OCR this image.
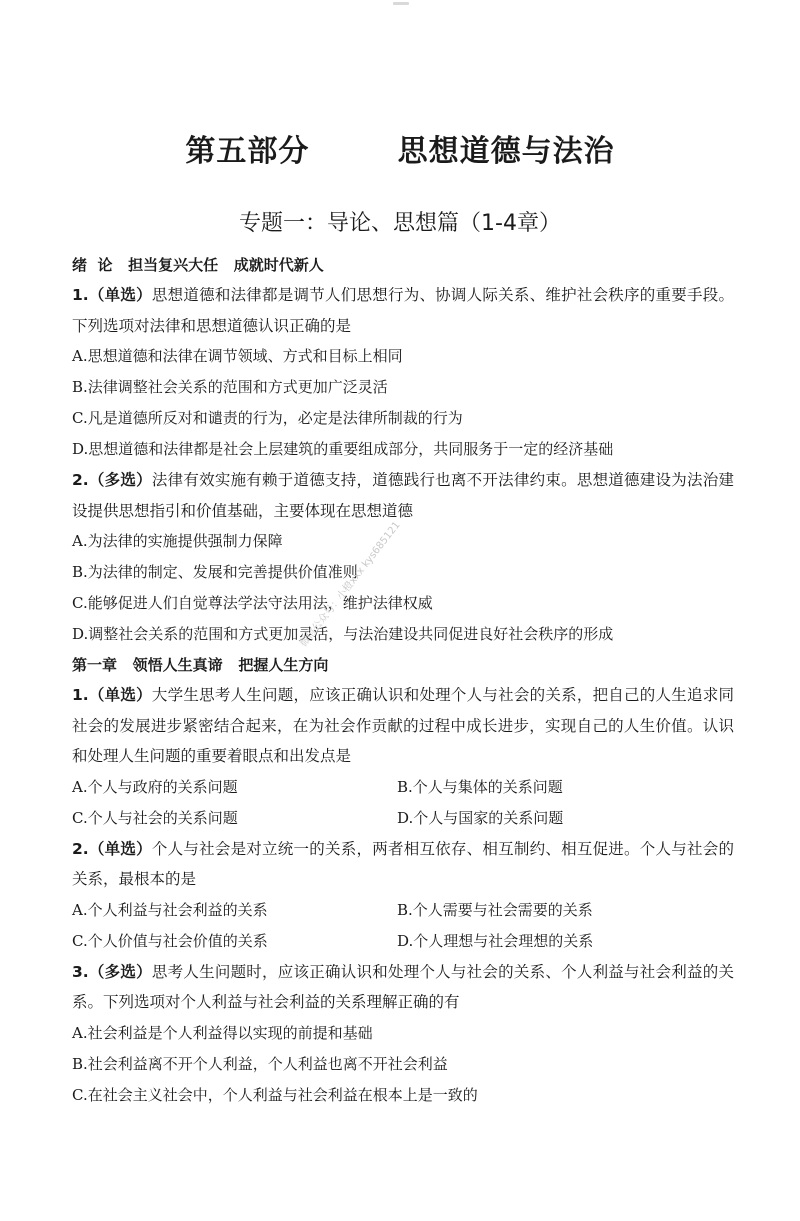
第五部分   思想道德与法治
专题一：导论、思想篇（1-4章）
绪  论   担当复兴大任   成就时代新人
1.（单选）思想道德和法律都是调节人们思想行为、协调人际关系、维护社会秩序的重要手段。下列选项对法律和思想道德认识正确的是
A.思想道德和法律在调节领域、方式和目标上相同
B.法律调整社会关系的范围和方式更加广泛灵活
C.凡是道德所反对和谴责的行为，必定是法律所制裁的行为
D.思想道德和法律都是社会上层建筑的重要组成部分，共同服务于一定的经济基础
2.（多选）法律有效实施有赖于道德支持，道德践行也离不开法律约束。思想道德建设为法治建设提供思想指引和价值基础，主要体现在思想道德
A.为法律的实施提供强制力保障
B.为法律的制定、发展和完善提供价值准则
C.能够促进人们自觉尊法学法守法用法，维护法律权威
D.调整社会关系的范围和方式更加灵活，与法治建设共同促进良好社会秩序的形成
第一章   领悟人生真谛   把握人生方向
1.（单选）大学生思考人生问题，应该正确认识和处理个人与社会的关系，把自己的人生追求同社会的发展进步紧密结合起来，在为社会作贡献的过程中成长进步，实现自己的人生价值。认识和处理人生问题的重要着眼点和出发点是
A.个人与政府的关系问题	B.个人与集体的关系问题
C.个人与社会的关系问题	D.个人与国家的关系问题
2.（单选）个人与社会是对立统一的关系，两者相互依存、相互制约、相互促进。个人与社会的关系，最根本的是
A.个人利益与社会利益的关系	B.个人需要与社会需要的关系
C.个人价值与社会价值的关系	D.个人理想与社会理想的关系
3.（多选）思考人生问题时，应该正确认识和处理个人与社会的关系、个人利益与社会利益的关系。下列选项对个人利益与社会利益的关系理解正确的有
A.社会利益是个人利益得以实现的前提和基础
B.社会利益离不开个人利益，个人利益也离不开社会利益
C.在社会主义社会中，个人利益与社会利益在根本上是一致的
微信公众号：小橙xxx kys685121
